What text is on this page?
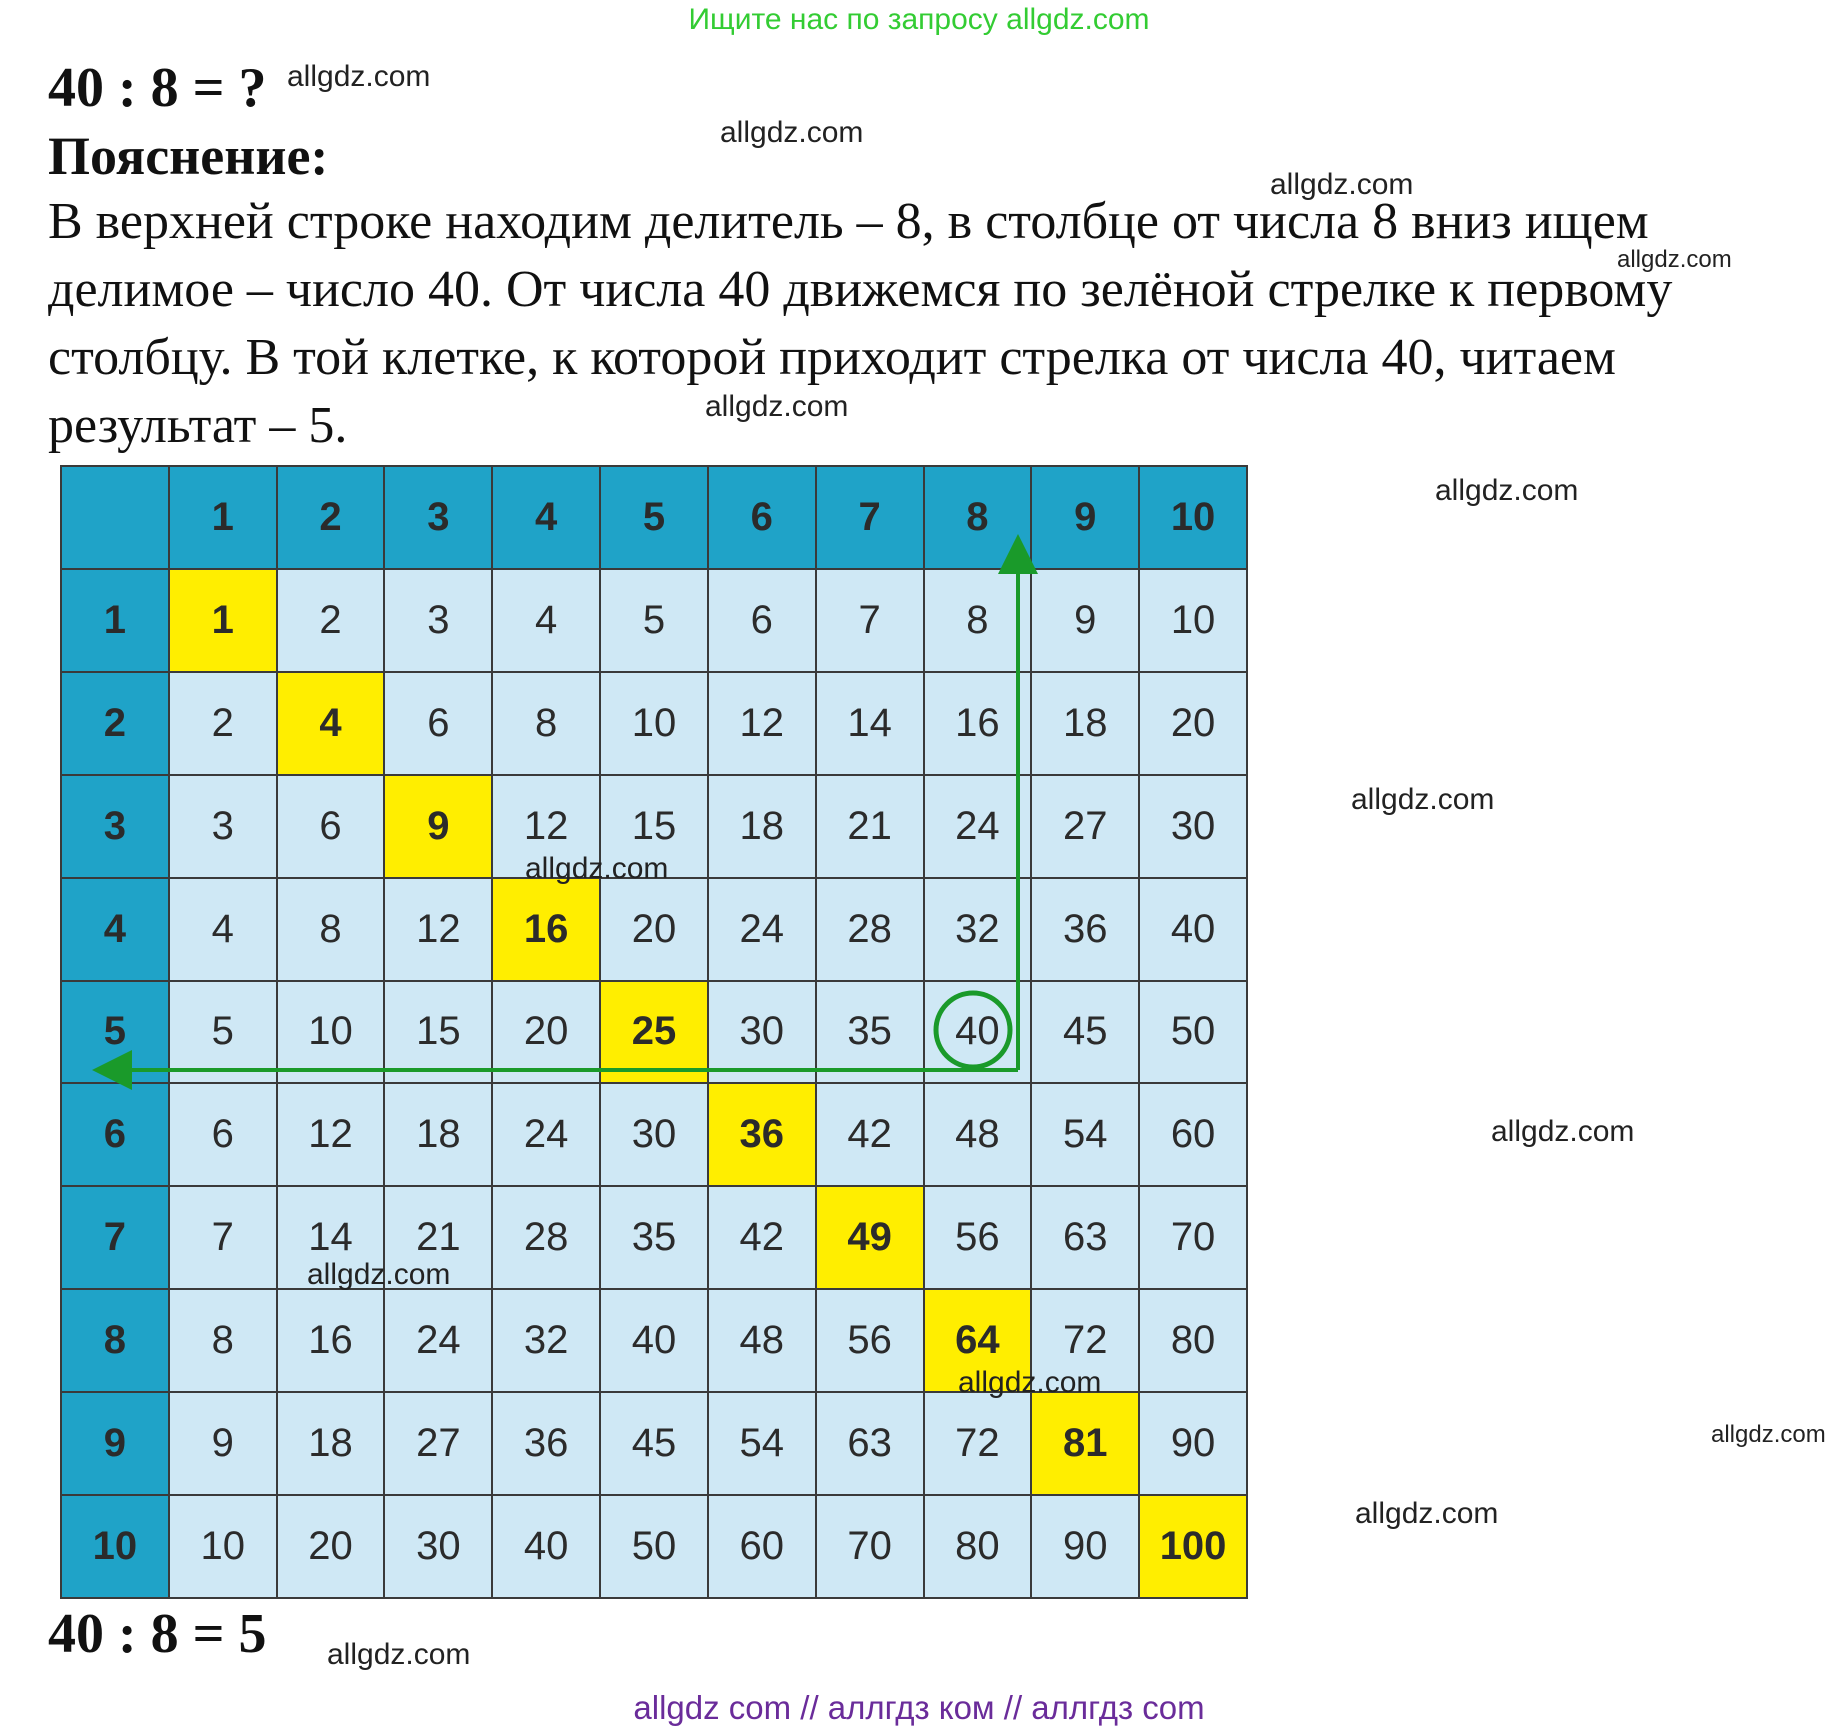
Ищите нас по запросу allgdz.com
40 : 8 = ?
Пояснение:
В верхней строке находим делитель – 8, в столбце от числа 8 вниз ищем делимое – число 40. От числа 40 движемся по зелёной стрелке к первому столбцу. В той клетке, к которой приходит стрелка от числа 40, читаем результат – 5.
	1	2	3	4	5	6	7	8	9	10
1	1	2	3	4	5	6	7	8	9	10
2	2	4	6	8	10	12	14	16	18	20
3	3	6	9	12	15	18	21	24	27	30
4	4	8	12	16	20	24	28	32	36	40
5	5	10	15	20	25	30	35	40	45	50
6	6	12	18	24	30	36	42	48	54	60
7	7	14	21	28	35	42	49	56	63	70
8	8	16	24	32	40	48	56	64	72	80
9	9	18	27	36	45	54	63	72	81	90
10	10	20	30	40	50	60	70	80	90	100
40 : 8 = 5
allgdz.com
allgdz.com
allgdz.com
allgdz.com
allgdz.com
allgdz.com
allgdz.com
allgdz.com
allgdz.com
allgdz.com
allgdz.com
allgdz.com
allgdz.com
allgdz.com
allgdz com // аллгдз ком // аллгдз com
